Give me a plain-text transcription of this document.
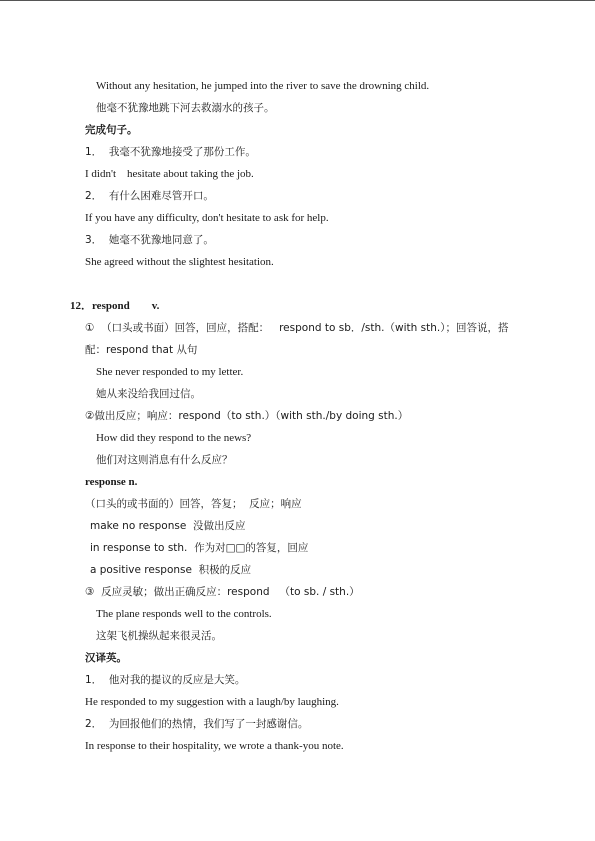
Without any hesitation, he jumped into the river to save the drowning child.
他毫不犹豫地跳下河去救溺水的孩子。
完成句子。
1．  我毫不犹豫地接受了那份工作。
I didn't    hesitate about taking the job.
2．  有什么困难尽管开口。
If you have any difficulty, don't hesitate to ask for help.
3．  她毫不犹豫地同意了。
She agreed without the slightest hesitation.
12．respond        v.
①  （口头或书面）回答，回应，搭配：   respond to sb．/sth.（with sth.）；回答说，搭
配：respond that 从句
She never responded to my letter.
她从来没给我回过信。
②做出反应；响应：respond（to sth.）（with sth./by doing sth.）
How did they respond to the news?
他们对这则消息有什么反应？
response n.
（口头的或书面的）回答，答复；  反应；响应
make no response  没做出反应
in response to sth.  作为对□□的答复，回应
a positive response  积极的反应
③  反应灵敏；做出正确反应：respond   （to sb. / sth.）
The plane responds well to the controls.
这架飞机操纵起来很灵活。
汉译英。
1．  他对我的提议的反应是大笑。
He responded to my suggestion with a laugh/by laughing.
2．  为回报他们的热情，我们写了一封感谢信。
In response to their hospitality, we wrote a thank-you note.
